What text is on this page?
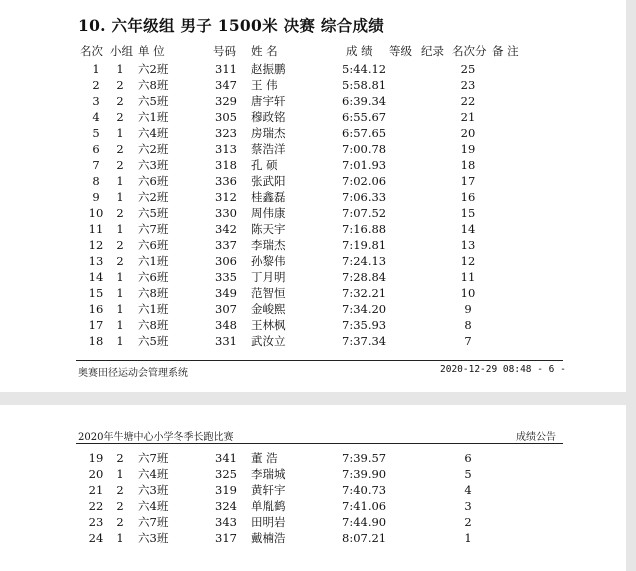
10. 六年级组 男子 1500米 决赛 综合成绩
名次 小组 单 位	号码 姓 名	成 绩 等级 纪录 名次分 备 注
1	1	六2班	311 赵振鹏	5:44.12	25
2	2	六8班	347 王 伟	5:58.81	23
3	2	六5班	329 唐宇轩	6:39.34	22
4	2	六1班	305 穆政铭	6:55.67	21
5	1	六4班	323 房瑞杰	6:57.65	20
6	2	六2班	313 蔡浩洋	7:00.78	19
7	2	六3班	318 孔 硕	7:01.93	18
8	1	六6班	336 张武阳	7:02.06	17
9	1	六2班	312 桂鑫磊	7:06.33	16
10	2	六5班	330 周伟康	7:07.52	15
11	1	六7班	342 陈天宇	7:16.88	14
12	2	六6班	337 李瑞杰	7:19.81	13
13	2	六1班	306 孙黎伟	7:24.13	12
14	1	六6班	335 丁月明	7:28.84	11
15	1	六8班	349 范智恒	7:32.21	10
16	1	六1班	307 金峻熙	7:34.20	9
17	1	六8班	348 王林枫	7:35.93	8
18	1	六5班	331 武汝立	7:37.34	7
奥赛田径运动会管理系统	2020-12-29 08:48 - 6 -
2020年牛塘中心小学冬季长跑比赛	成绩公告
19	2	六7班	341 董 浩	7:39.57	6
20	1	六4班	325 李瑞城	7:39.90	5
21	2	六3班	319 黄轩宇	7:40.73	4
22	2	六4班	324 单胤鹤	7:41.06	3
23	2	六7班	343 田明岩	7:44.90	2
24	1	六3班	317 戴楠浩	8:07.21	1
